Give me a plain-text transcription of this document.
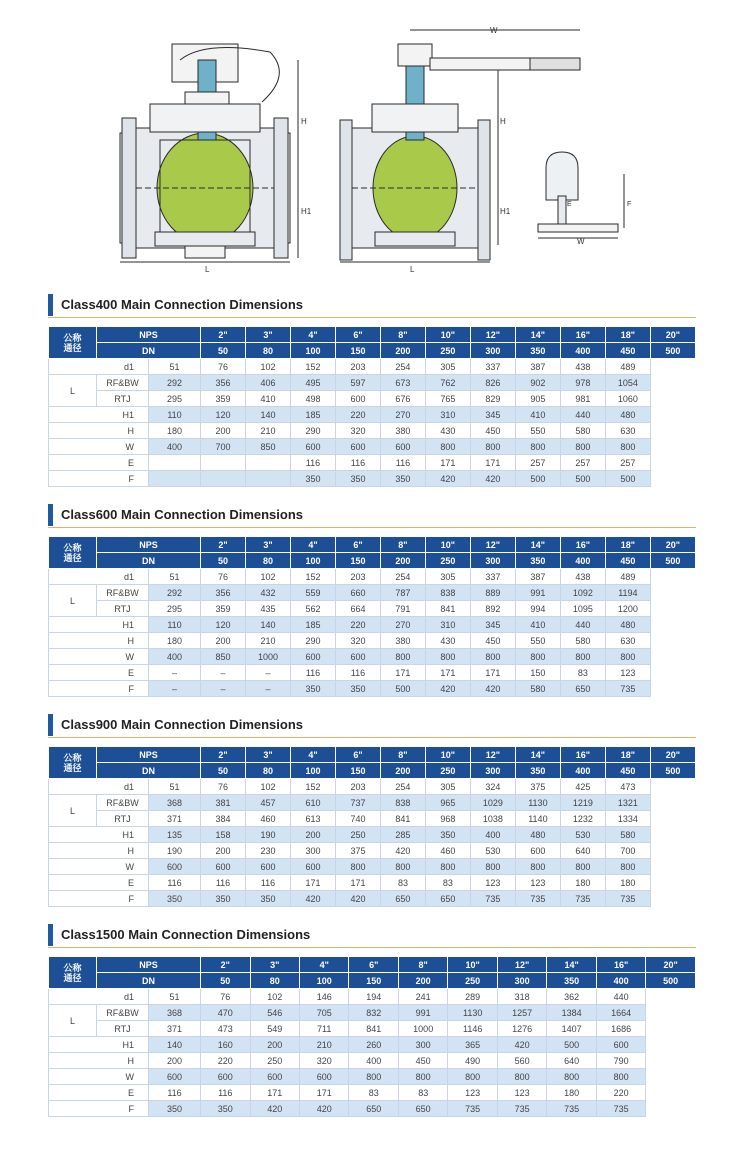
L
H
H1
W
L
H
H1
E
W
F
Class400 Main Connection Dimensions
公称
通径	NPS		2"	3"	4"	6"	8"	10"	12"	14"	16"	18"	20"
	DN		50	80	100	150	200	250	300	350	400	450	500
d1		51	76	102	152	203	254	305	337	387	438	489	
L	RF&BW	292	356	406	495	597	673	762	826	902	978	1054	
	RTJ	295	359	410	498	600	676	765	829	905	981	1060	
H1		110	120	140	185	220	270	310	345	410	440	480	
H		180	200	210	290	320	380	430	450	550	580	630	
W		400	700	850	600	600	600	800	800	800	800	800	
E					116	116	116	171	171	257	257	257	
F					350	350	350	420	420	500	500	500	
Class600 Main Connection Dimensions
公称
通径	NPS		2"	3"	4"	6"	8"	10"	12"	14"	16"	18"	20"
	DN		50	80	100	150	200	250	300	350	400	450	500
d1		51	76	102	152	203	254	305	337	387	438	489	
L	RF&BW	292	356	432	559	660	787	838	889	991	1092	1194	
	RTJ	295	359	435	562	664	791	841	892	994	1095	1200	
H1		110	120	140	185	220	270	310	345	410	440	480	
H		180	200	210	290	320	380	430	450	550	580	630	
W		400	850	1000	600	600	800	800	800	800	800	800	
E		–	–	–	116	116	171	171	171	150	83	123	
F		–	–	–	350	350	500	420	420	580	650	735	
Class900 Main Connection Dimensions
公称
通径	NPS		2"	3"	4"	6"	8"	10"	12"	14"	16"	18"	20"
	DN		50	80	100	150	200	250	300	350	400	450	500
d1		51	76	102	152	203	254	305	324	375	425	473	
L	RF&BW	368	381	457	610	737	838	965	1029	1130	1219	1321	
	RTJ	371	384	460	613	740	841	968	1038	1140	1232	1334	
H1		135	158	190	200	250	285	350	400	480	530	580	
H		190	200	230	300	375	420	460	530	600	640	700	
W		600	600	600	600	800	800	800	800	800	800	800	
E		116	116	116	171	171	83	83	123	123	180	180	
F		350	350	350	420	420	650	650	735	735	735	735	
Class1500 Main Connection Dimensions
公称
通径	NPS		2"	3"	4"	6"	8"	10"	12"	14"	16"	20"
	DN		50	80	100	150	200	250	300	350	400	500
d1		51	76	102	146	194	241	289	318	362	440	
L	RF&BW	368	470	546	705	832	991	1130	1257	1384	1664	
	RTJ	371	473	549	711	841	1000	1146	1276	1407	1686	
H1		140	160	200	210	260	300	365	420	500	600	
H		200	220	250	320	400	450	490	560	640	790	
W		600	600	600	600	800	800	800	800	800	800	
E		116	116	171	171	83	83	123	123	180	220	
F		350	350	420	420	650	650	735	735	735	735	
